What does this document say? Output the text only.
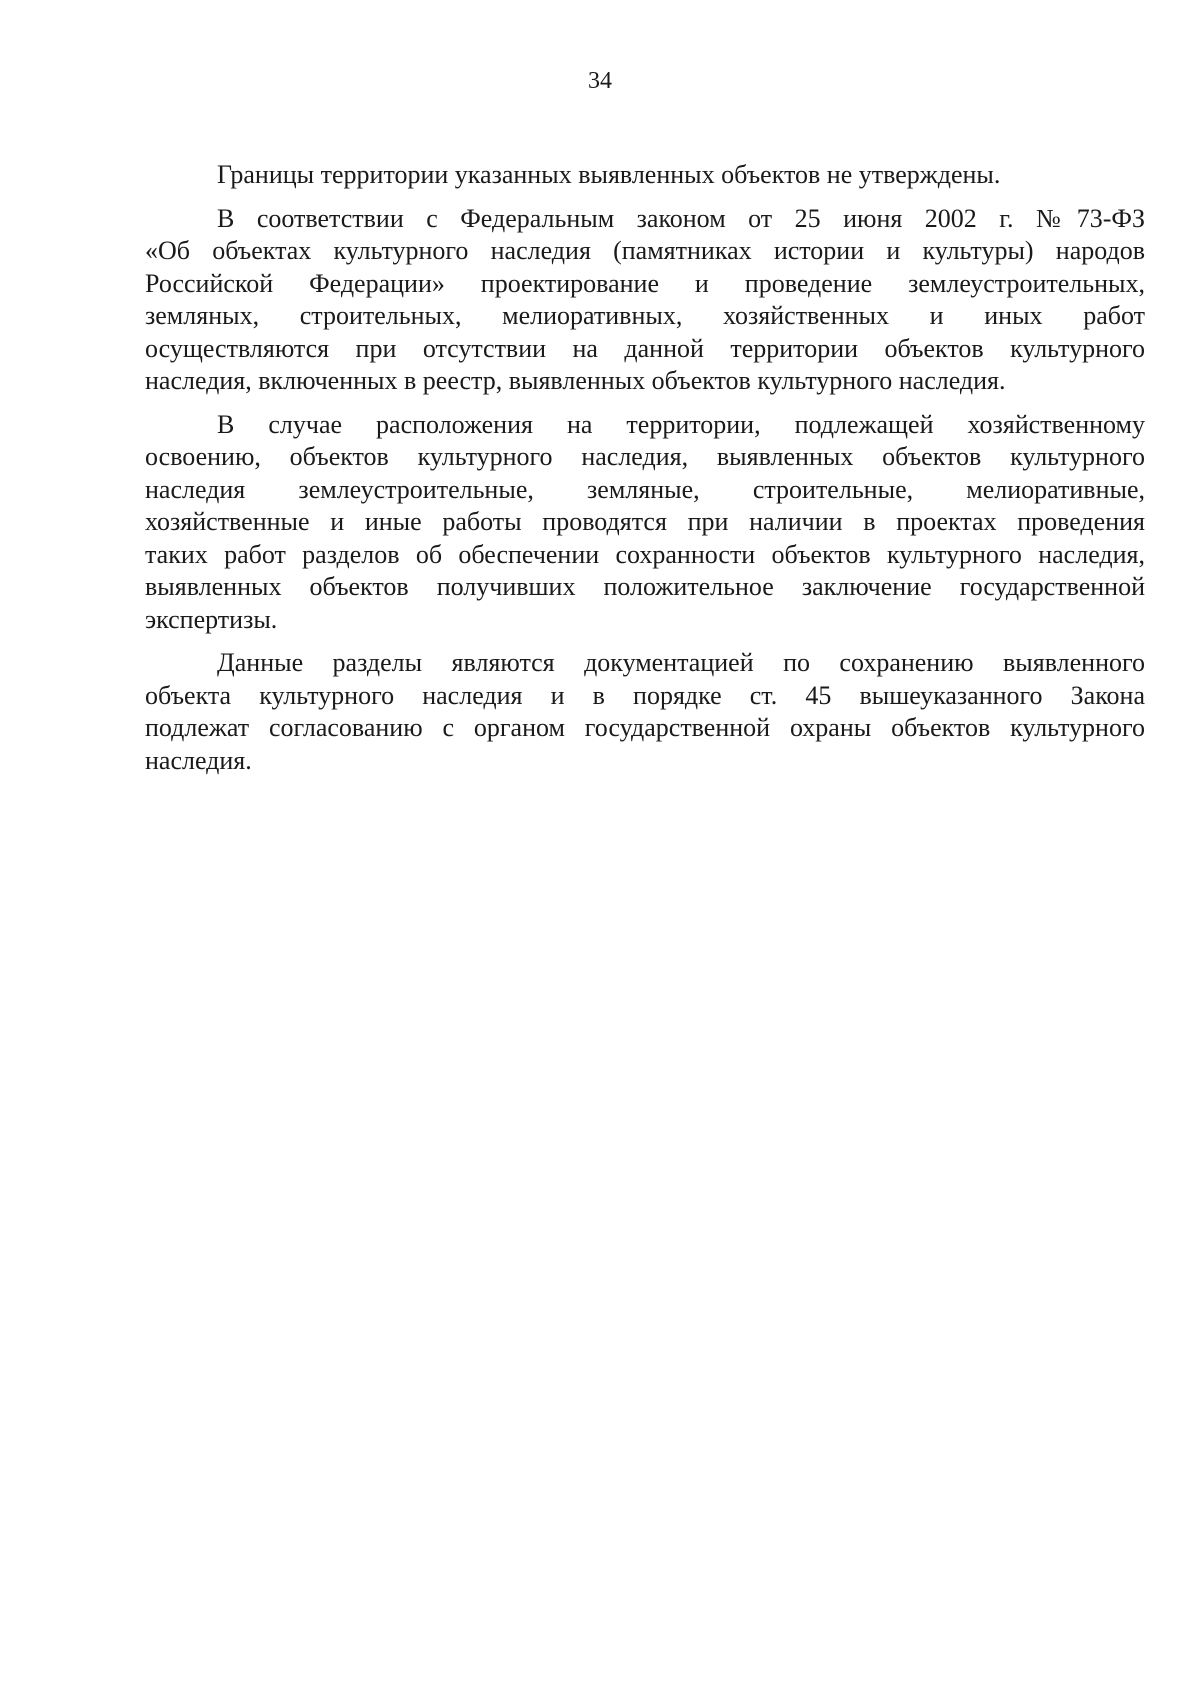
34

Границы территории указанных выявленных объектов не утверждены.

В соответствии с Федеральным законом от 25 июня 2002 г. №73-ФЗ
«Об объектах культурного наследия (памятниках истории и культуры) народов
Российской Федерации» проектирование и проведение землеустроительных,
земляных, строительных, мелиоративных, хозяйственных и иных работ
осуществляются при отсутствии на данной территории объектов культурного
наследия, включенных в реестр, выявленных объектов культурного наследия.

В случае расположения на территории, подлежащей хозяйственному
освоению, объектов культурного наследия, выявленных объектов культурного
наследия землеустроительные, земляные, строительные, мелиоративные,
хозяйственные и иные работы проводятся при наличии в проектах проведения
таких работ разделов об обеспечении сохранности объектов культурного наследия,
выявленных объектов получивших положительное заключение государственной
экспертизы.

Данные разделы являются документацией по сохранению выявленного
объекта культурного наследия и в порядке ст. 45 вышеуказанного Закона
подлежат согласованию с органом государственной охраны объектов культурного
наследия.
